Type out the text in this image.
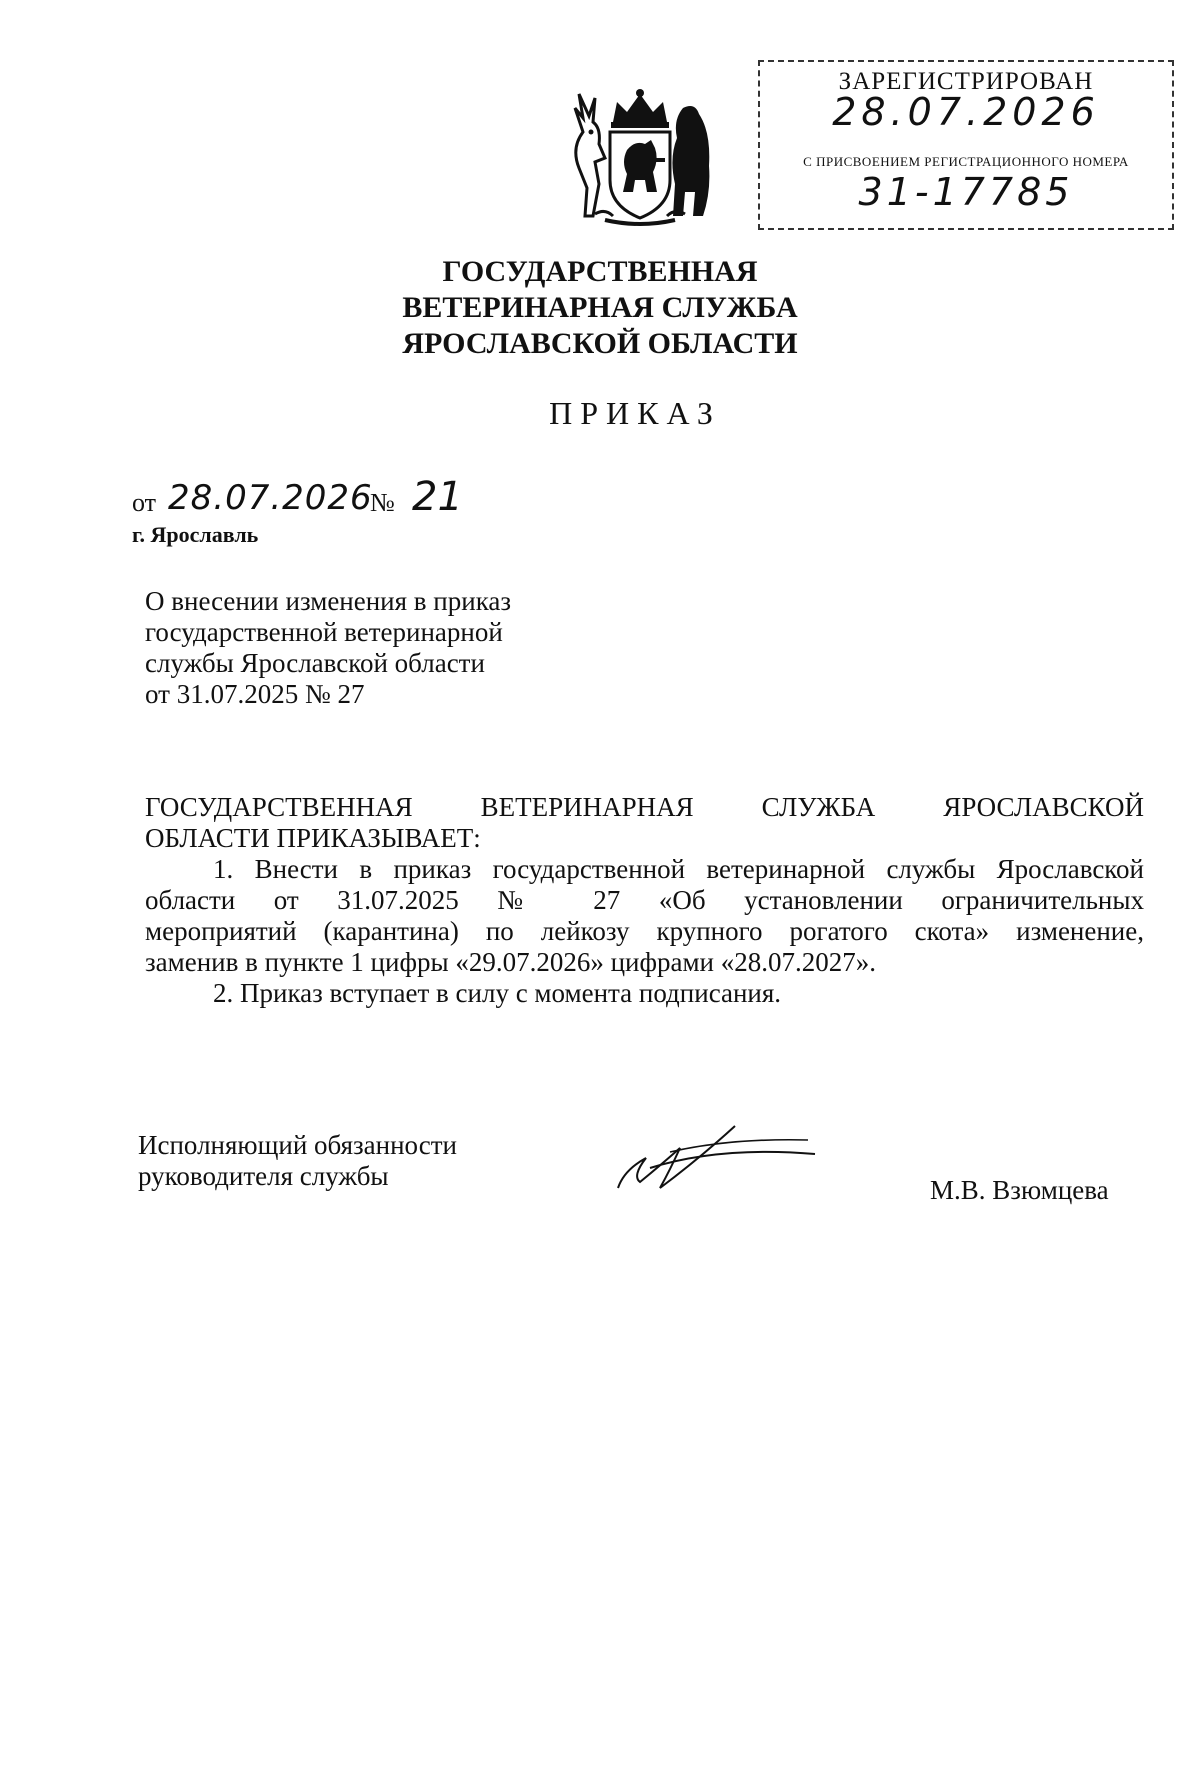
ЗАРЕГИСТРИРОВАН
28.07.2026
С ПРИСВОЕНИЕМ РЕГИСТРАЦИОННОГО НОМЕРА
31-17785
ГОСУДАРСТВЕННАЯ
ВЕТЕРИНАРНАЯ СЛУЖБА
ЯРОСЛАВСКОЙ ОБЛАСТИ
ПРИКАЗ
от 28.07.2026
№ 21
г. Ярославль
О внесении изменения в приказ
государственной ветеринарной
службы Ярославской области
от 31.07.2025 № 27
ГОСУДАРСТВЕННАЯ ВЕТЕРИНАРНАЯ СЛУЖБА ЯРОСЛАВСКОЙ
ОБЛАСТИ ПРИКАЗЫВАЕТ:
1. Внести в приказ государственной ветеринарной службы Ярославской
области от 31.07.2025 № 27 «Об установлении ограничительных
мероприятий (карантина) по лейкозу крупного рогатого скота» изменение,
заменив в пункте 1 цифры «29.07.2026» цифрами «28.07.2027».
2. Приказ вступает в силу с момента подписания.
Исполняющий обязанности
руководителя службы	М.В. Взюмцева
